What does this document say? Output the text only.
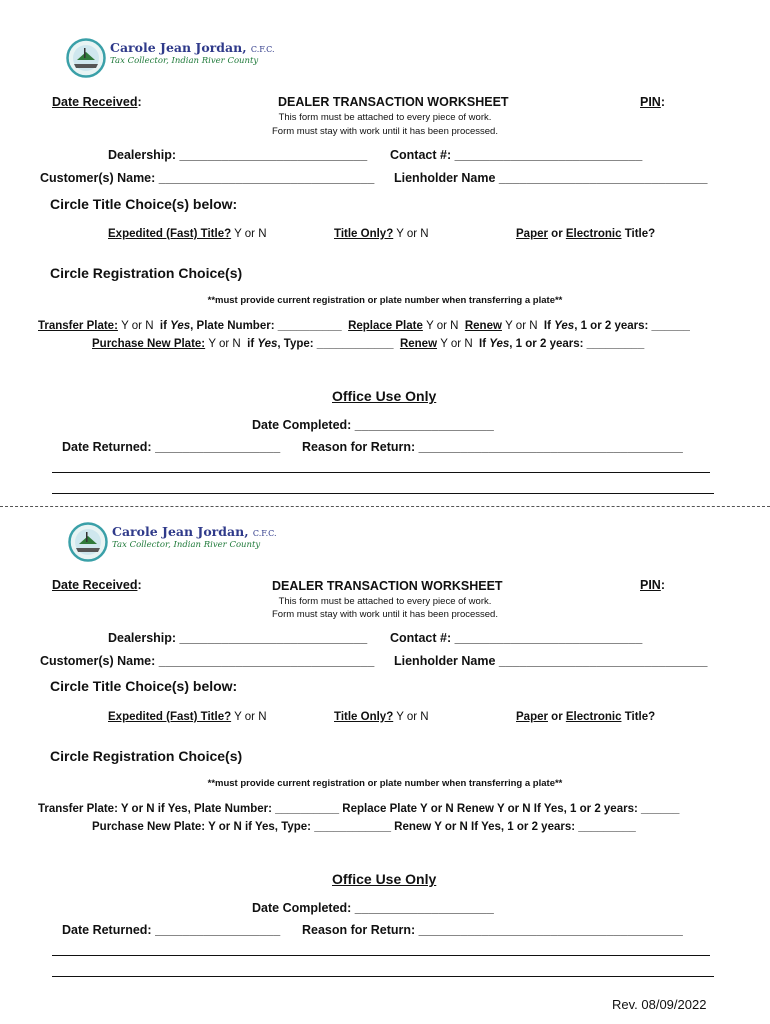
Carole Jean Jordan, C.F.C.
Tax Collector, Indian River County
Date Received:	DEALER TRANSACTION WORKSHEET	PIN:
This form must be attached to every piece of work.
Form must stay with work until it has been processed.
Dealership: ___________________________ Contact #: ___________________________
Customer(s) Name: _______________________________ Lienholder Name ______________________________
Circle Title Choice(s) below:
Expedited (Fast) Title? Y or N	Title Only? Y or N	Paper or Electronic Title?
Circle Registration Choice(s)
**must provide current registration or plate number when transferring a plate**
Transfer Plate: Y or N if Yes, Plate Number: __________ Replace Plate Y or N Renew Y or N If Yes, 1 or 2 years: ______
Purchase New Plate: Y or N if Yes, Type: ____________ Renew Y or N If Yes, 1 or 2 years: _________
Office Use Only
Date Completed: ____________________
Date Returned: __________________ Reason for Return: ______________________________________
Carole Jean Jordan, C.F.C.
Tax Collector, Indian River County
Date Received:	DEALER TRANSACTION WORKSHEET	PIN:
This form must be attached to every piece of work.
Form must stay with work until it has been processed.
Dealership: ___________________________ Contact #: ___________________________
Customer(s) Name: _______________________________ Lienholder Name ______________________________
Circle Title Choice(s) below:
Expedited (Fast) Title? Y or N	Title Only? Y or N	Paper or Electronic Title?
Circle Registration Choice(s)
**must provide current registration or plate number when transferring a plate**
Transfer Plate: Y or N if Yes, Plate Number: __________ Replace Plate Y or N Renew Y or N If Yes, 1 or 2 years: ______
Purchase New Plate: Y or N if Yes, Type: ____________ Renew Y or N If Yes, 1 or 2 years: _________
Office Use Only
Date Completed: ____________________
Date Returned: __________________ Reason for Return: ______________________________________
Rev. 08/09/2022
